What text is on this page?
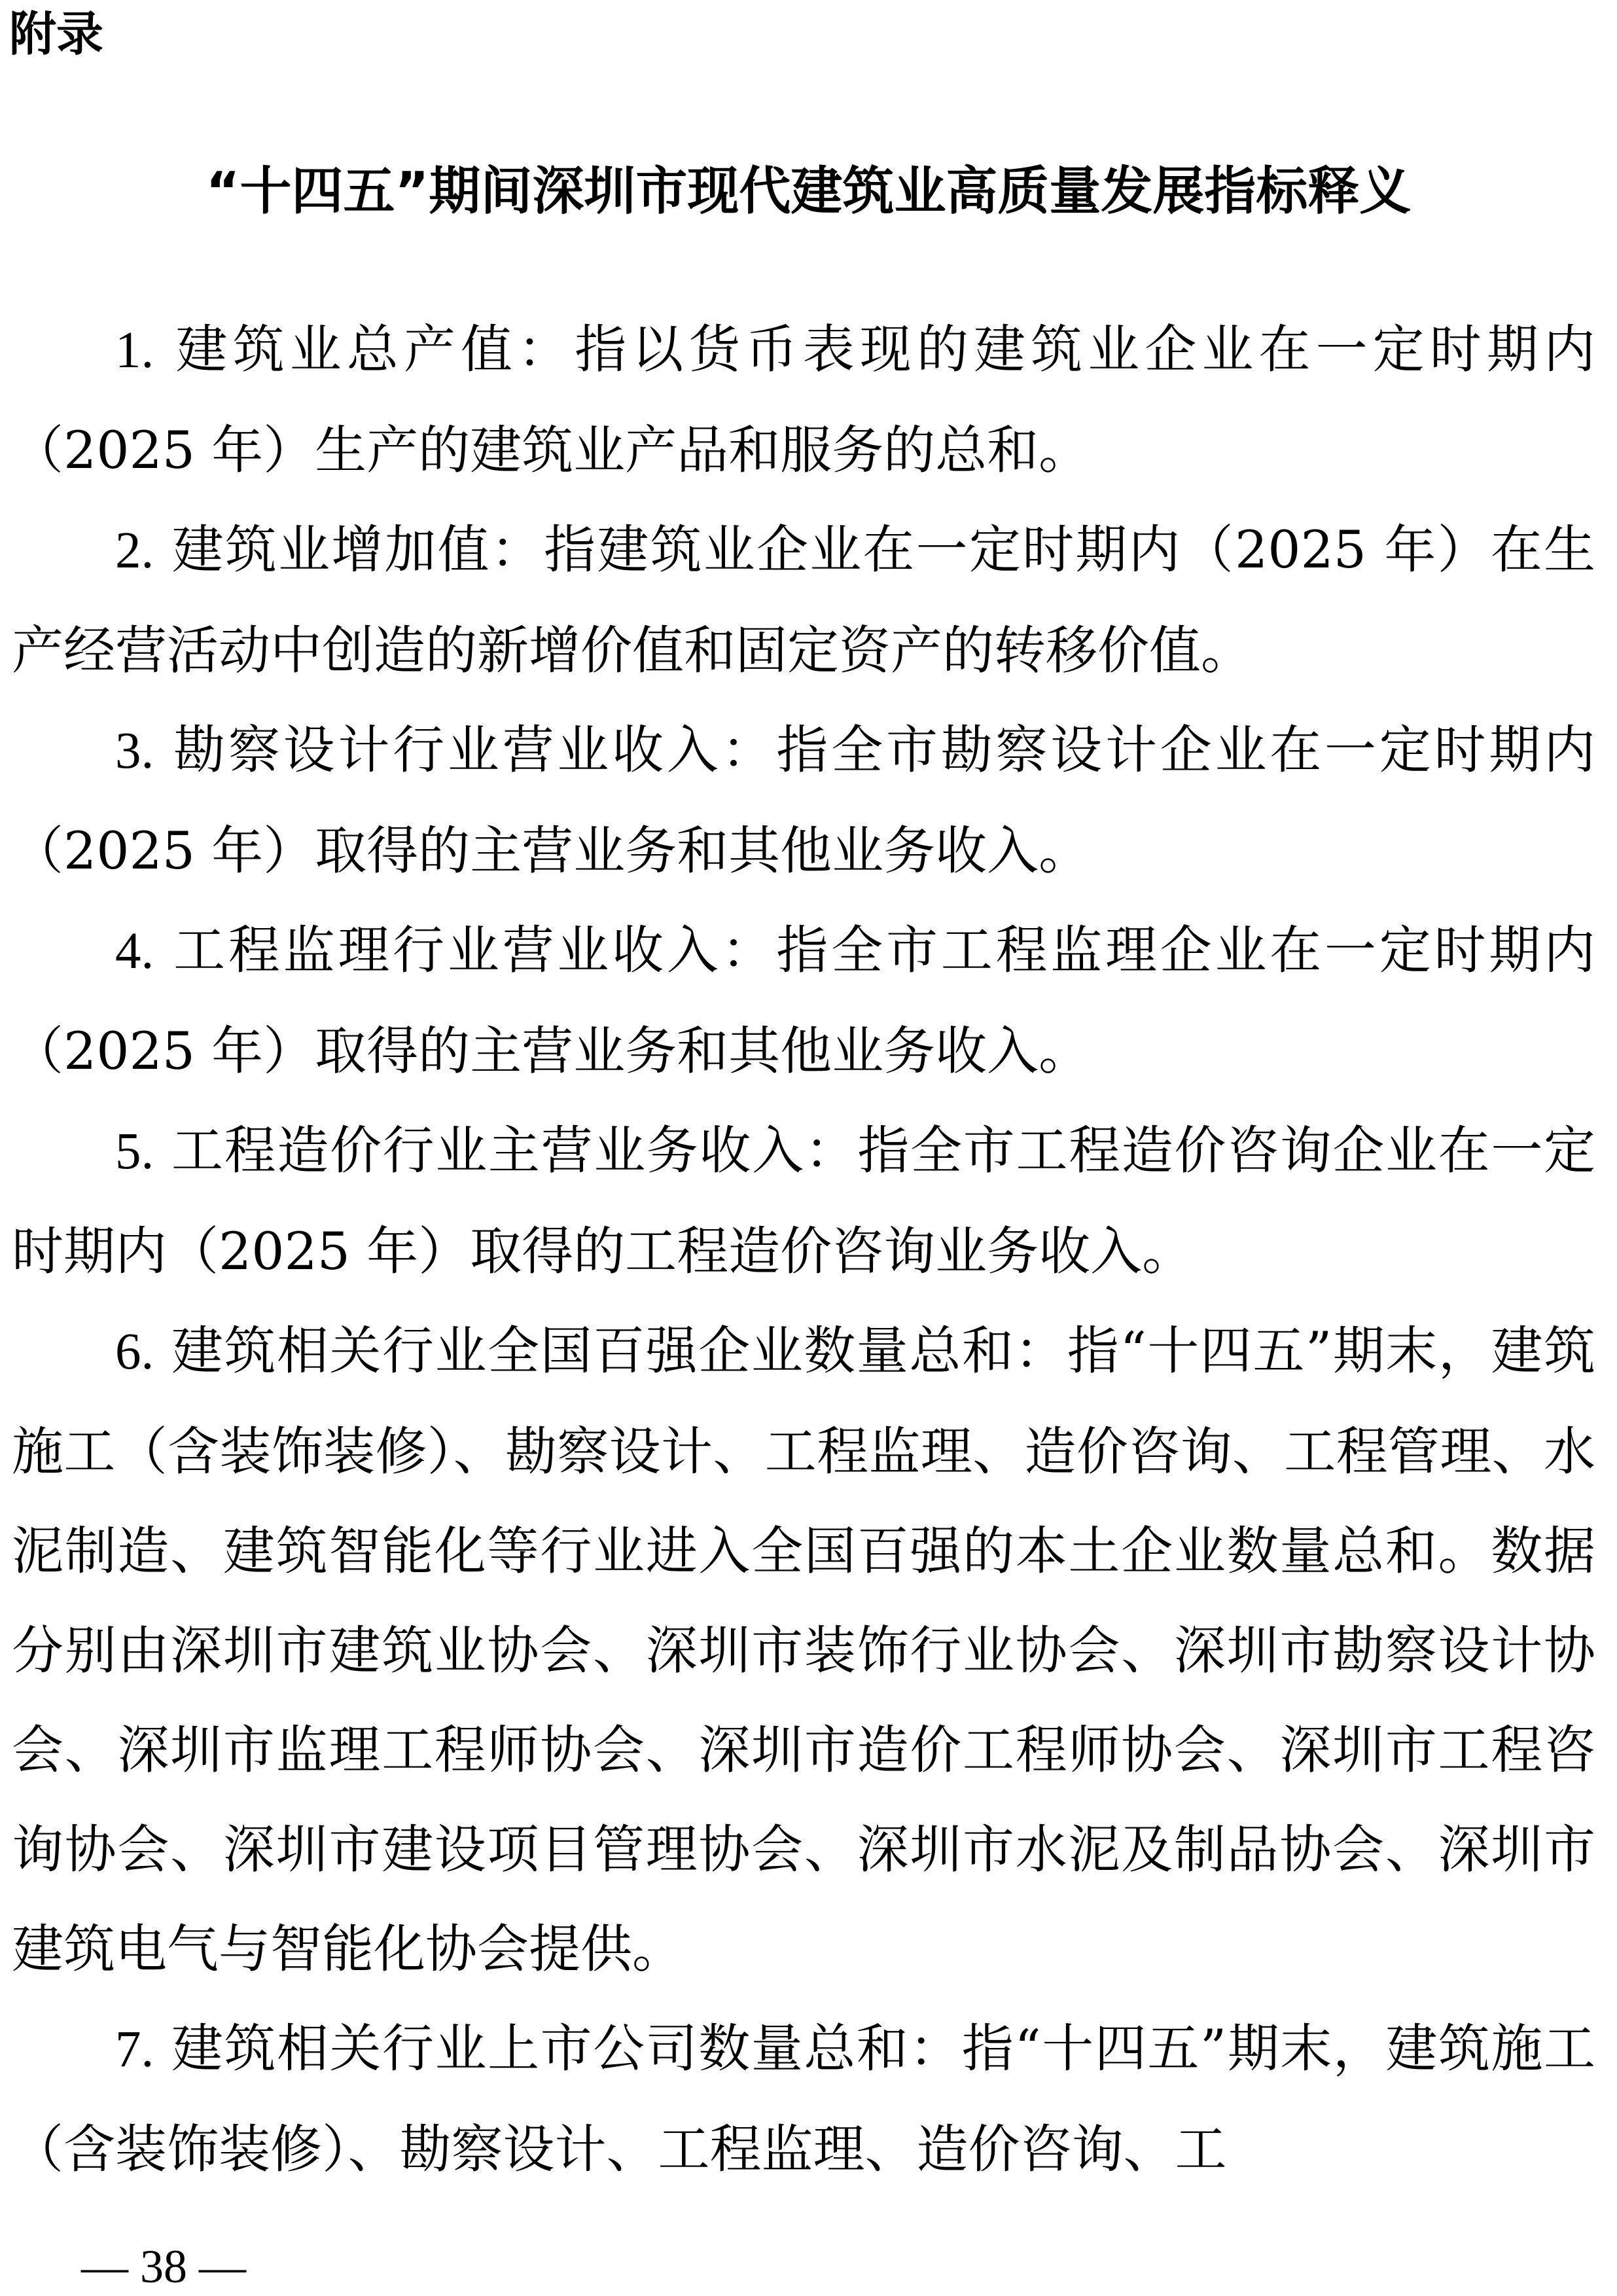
附录
“十四五”期间深圳市现代建筑业高质量发展指标释义

1. 建筑业总产值：指以货币表现的建筑业企业在一定时期内（2025 年）生产的建筑业产品和服务的总和。

2. 建筑业增加值：指建筑业企业在一定时期内（2025 年）在生产经营活动中创造的新增价值和固定资产的转移价值。

3. 勘察设计行业营业收入：指全市勘察设计企业在一定时期内（2025 年）取得的主营业务和其他业务收入。

4. 工程监理行业营业收入：指全市工程监理企业在一定时期内（2025 年）取得的主营业务和其他业务收入。

5. 工程造价行业主营业务收入：指全市工程造价咨询企业在一定时期内（2025 年）取得的工程造价咨询业务收入。

6. 建筑相关行业全国百强企业数量总和：指“十四五”期末，建筑施工（含装饰装修）、勘察设计、工程监理、造价咨询、工程管理、水泥制造、建筑智能化等行业进入全国百强的本土企业数量总和。数据分别由深圳市建筑业协会、深圳市装饰行业协会、深圳市勘察设计协会、深圳市监理工程师协会、深圳市造价工程师协会、深圳市工程咨询协会、深圳市建设项目管理协会、深圳市水泥及制品协会、深圳市建筑电气与智能化协会提供。

7. 建筑相关行业上市公司数量总和：指“十四五”期末，建筑施工（含装饰装修）、勘察设计、工程监理、造价咨询、工

— 38 —
